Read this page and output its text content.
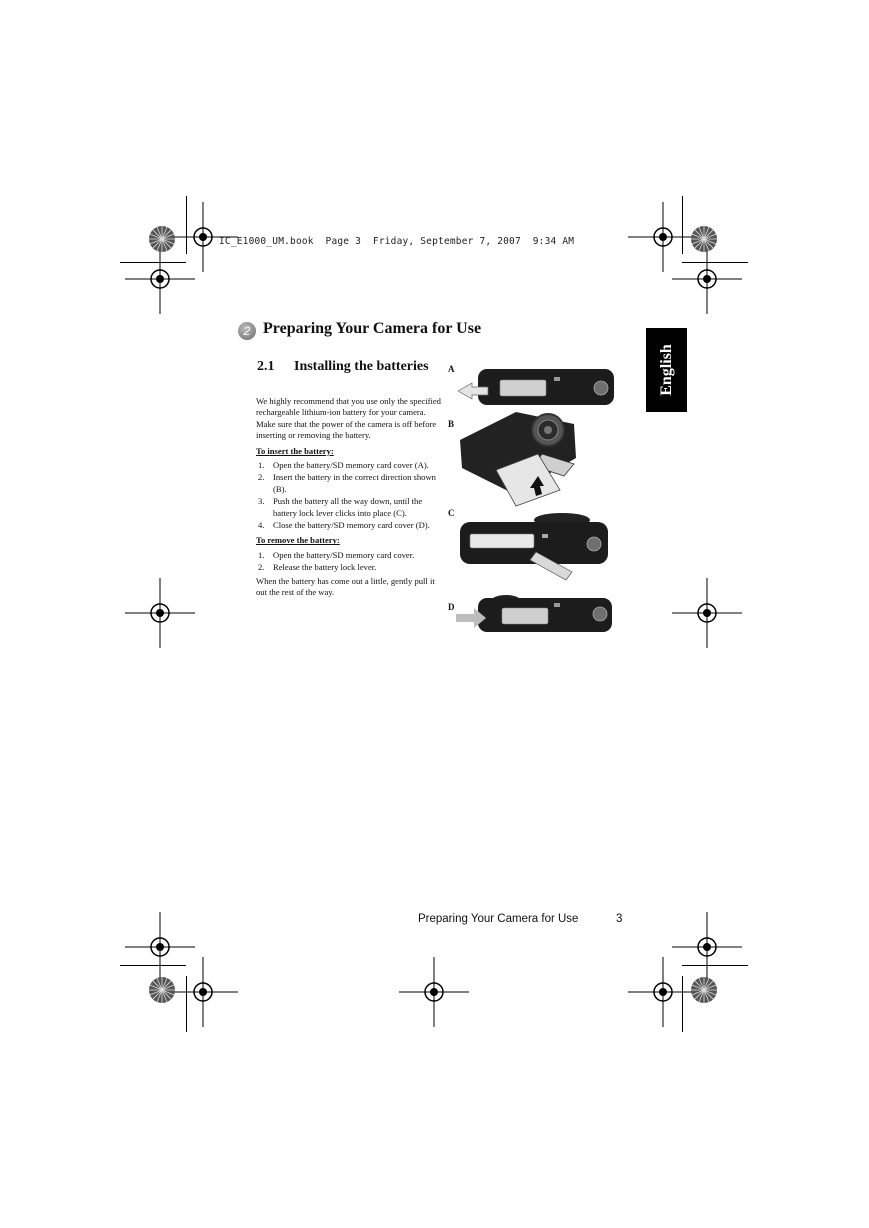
IC_E1000_UM.book  Page 3  Friday, September 7, 2007  9:34 AM
2 Preparing Your Camera for Use
2.1 Installing the batteries	English

We highly recommend that you use only the specified rechargeable lithium-ion battery for your camera. Make sure that the power of the camera is off before inserting or removing the battery.

To insert the battery:

1. Open the battery/SD memory card cover (A).
2. Insert the battery in the correct direction shown (B).
3. Push the battery all the way down, until the battery lock lever clicks into place (C).
4. Close the battery/SD memory card cover (D).

To remove the battery:

1. Open the battery/SD memory card cover.
2. Release the battery lock lever.

When the battery has come out a little, gently pull it out the rest of the way.

A
B
C
D
Preparing Your Camera for Use	3
